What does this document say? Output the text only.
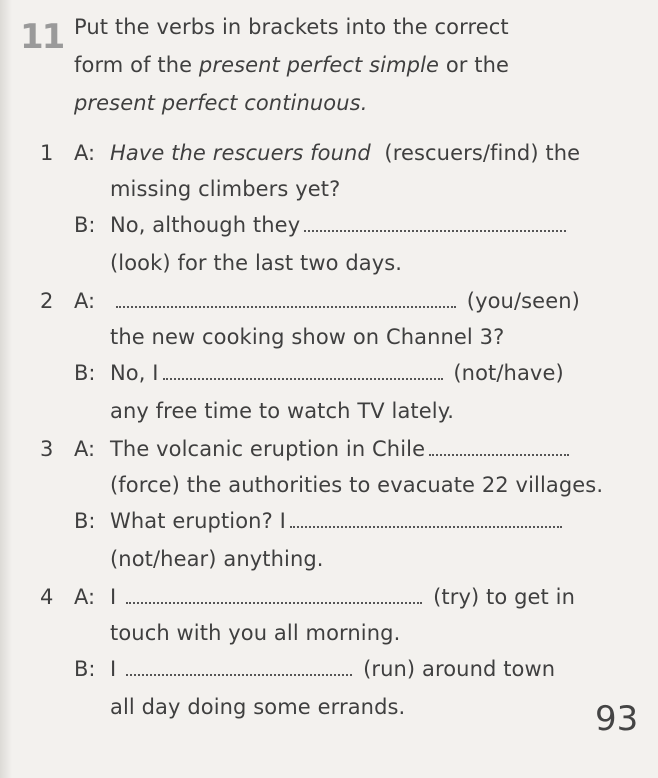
11 Put the verbs in brackets into the correct
form of the present perfect simple or the
present perfect continuous.
1 A: Have the rescuers found (rescuers/find) the
missing climbers yet?
B: No, although they
(look) for the last two days.
2 A:	(you/seen)
the new cooking show on Channel 3?
B: No, I	(not/have)
any free time to watch TV lately.
3 A: The volcanic eruption in Chile
(force) the authorities to evacuate 22 villages.
B: What eruption? I
(not/hear) anything.
4 A: I	(try) to get in
touch with you all morning.
B: I	(run) around town
all day doing some errands.	93
